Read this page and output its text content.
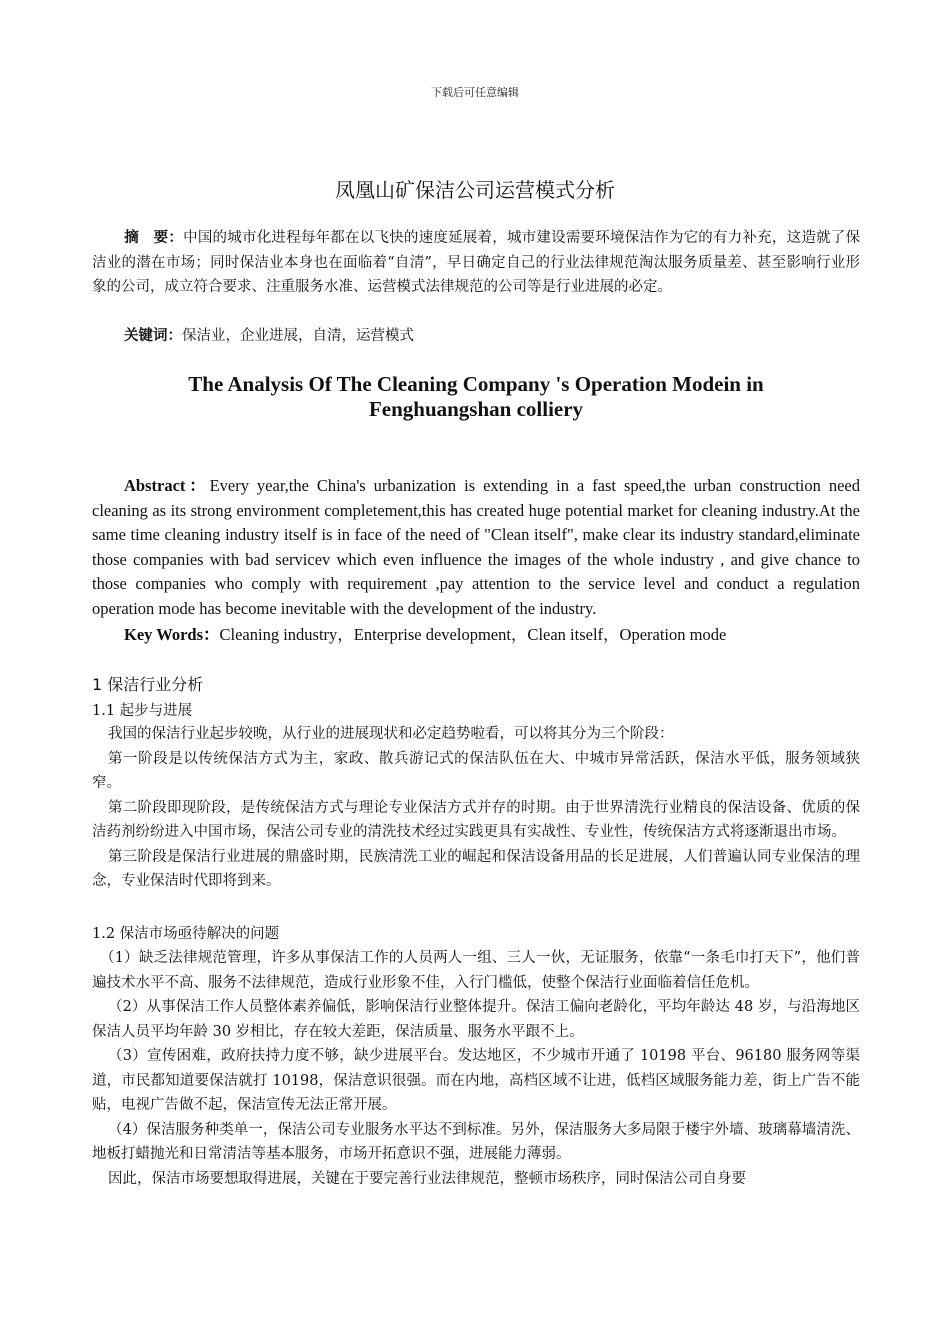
下载后可任意编辑
凤凰山矿保洁公司运营模式分析
摘　要：中国的城市化进程每年都在以飞快的速度延展着，城市建设需要环境保洁作为它的有力补充，这造就了保洁业的潜在市场；同时保洁业本身也在面临着“自清”，早日确定自己的行业法律规范淘汰服务质量差、甚至影响行业形象的公司，成立符合要求、注重服务水准、运营模式法律规范的公司等是行业进展的必定。
关键词：保洁业，企业进展，自清，运营模式
The Analysis Of The Cleaning Company 's Operation Modein in
Fenghuangshan colliery
Abstract：Every year,the China's urbanization is extending in a fast speed,the urban construction need cleaning as its strong environment completement,this has created huge potential market for cleaning industry.At the same time cleaning industry itself is in face of the need of "Clean itself", make clear its industry standard,eliminate those companies with bad servicev which even influence the images of the whole industry , and give chance to those companies who comply with requirement ,pay attention to the service level and conduct a regulation operation mode has become inevitable with the development of the industry.
Key Words：Cleaning industry，Enterprise development，Clean itself，Operation mode
1 保洁行业分析
1.1 起步与进展

我国的保洁行业起步较晚，从行业的进展现状和必定趋势啦看，可以将其分为三个阶段：

第一阶段是以传统保洁方式为主，家政、散兵游记式的保洁队伍在大、中城市异常活跃，保洁水平低，服务领域狭窄。

第二阶段即现阶段，是传统保洁方式与理论专业保洁方式并存的时期。由于世界清洗行业精良的保洁设备、优质的保洁药剂纷纷进入中国市场，保洁公司专业的清洗技术经过实践更具有实战性、专业性，传统保洁方式将逐渐退出市场。

第三阶段是保洁行业进展的鼎盛时期，民族清洗工业的崛起和保洁设备用品的长足进展，人们普遍认同专业保洁的理念，专业保洁时代即将到来。

1.2 保洁市场亟待解决的问题

（1）缺乏法律规范管理，许多从事保洁工作的人员两人一组、三人一伙，无证服务，依靠“一条毛巾打天下”，他们普遍技术水平不高、服务不法律规范，造成行业形象不佳，入行门槛低，使整个保洁行业面临着信任危机。

（2）从事保洁工作人员整体素养偏低，影响保洁行业整体提升。保洁工偏向老龄化，平均年龄达 48 岁，与沿海地区保洁人员平均年龄 30 岁相比，存在较大差距，保洁质量、服务水平跟不上。

（3）宣传困难，政府扶持力度不够，缺少进展平台。发达地区，不少城市开通了 10198 平台、96180 服务网等渠道，市民都知道要保洁就打 10198，保洁意识很强。而在内地，高档区域不让进，低档区域服务能力差，街上广告不能贴，电视广告做不起，保洁宣传无法正常开展。

（4）保洁服务种类单一，保洁公司专业服务水平达不到标准。另外，保洁服务大多局限于楼宇外墙、玻璃幕墙清洗、地板打蜡抛光和日常清洁等基本服务，市场开拓意识不强，进展能力薄弱。

因此，保洁市场要想取得进展，关键在于要完善行业法律规范，整顿市场秩序，同时保洁公司自身要
